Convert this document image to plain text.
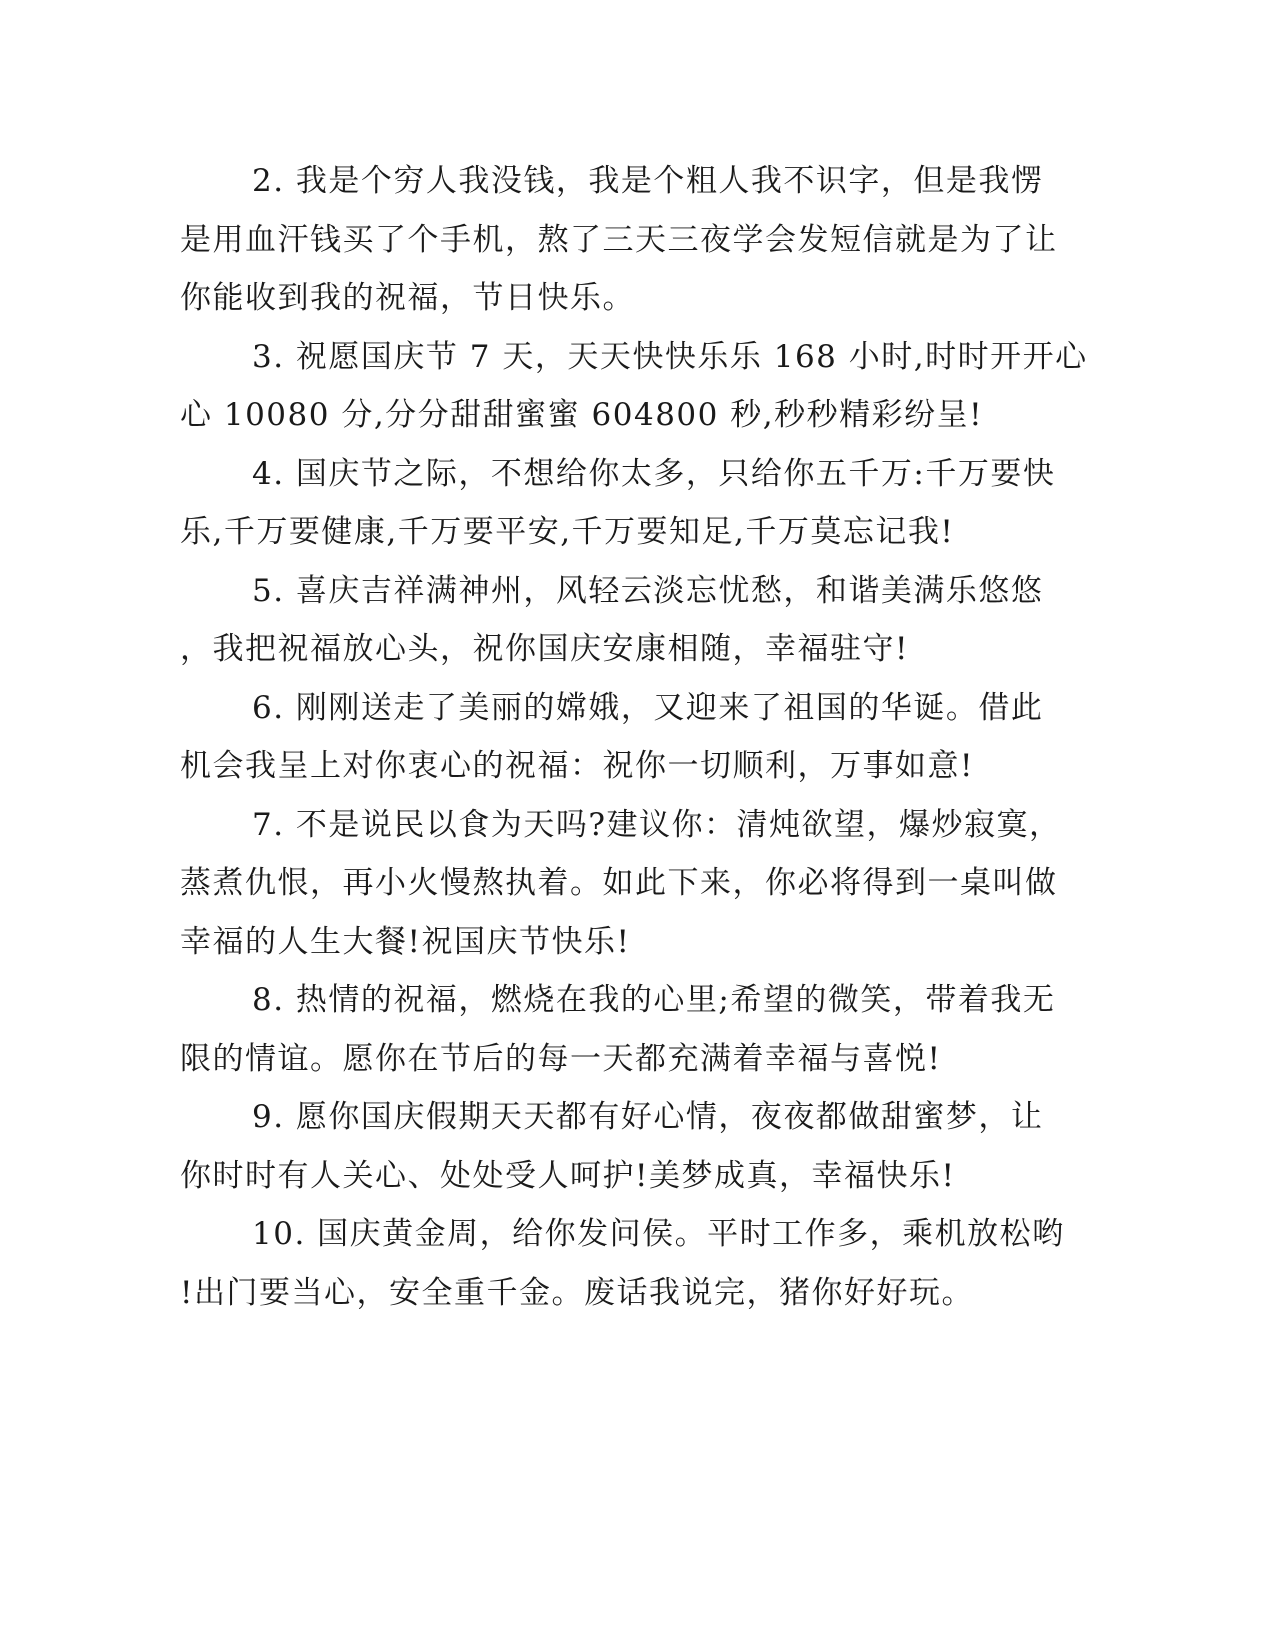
2. 我是个穷人我没钱，我是个粗人我不识字，但是我愣
是用血汗钱买了个手机，熬了三天三夜学会发短信就是为了让
你能收到我的祝福，节日快乐。
3. 祝愿国庆节 7 天，天天快快乐乐 168 小时,时时开开心
心 10080 分,分分甜甜蜜蜜 604800 秒,秒秒精彩纷呈!
4. 国庆节之际，不想给你太多，只给你五千万:千万要快
乐,千万要健康,千万要平安,千万要知足,千万莫忘记我!
5. 喜庆吉祥满神州，风轻云淡忘忧愁，和谐美满乐悠悠
，我把祝福放心头，祝你国庆安康相随，幸福驻守!
6. 刚刚送走了美丽的嫦娥，又迎来了祖国的华诞。借此
机会我呈上对你衷心的祝福：祝你一切顺利，万事如意!
7. 不是说民以食为天吗?建议你：清炖欲望，爆炒寂寞，
蒸煮仇恨，再小火慢熬执着。如此下来，你必将得到一桌叫做
幸福的人生大餐!祝国庆节快乐!
8. 热情的祝福，燃烧在我的心里;希望的微笑，带着我无
限的情谊。愿你在节后的每一天都充满着幸福与喜悦!
9. 愿你国庆假期天天都有好心情，夜夜都做甜蜜梦，让
你时时有人关心、处处受人呵护!美梦成真，幸福快乐!
10. 国庆黄金周，给你发问侯。平时工作多，乘机放松哟
!出门要当心，安全重千金。废话我说完，猪你好好玩。
